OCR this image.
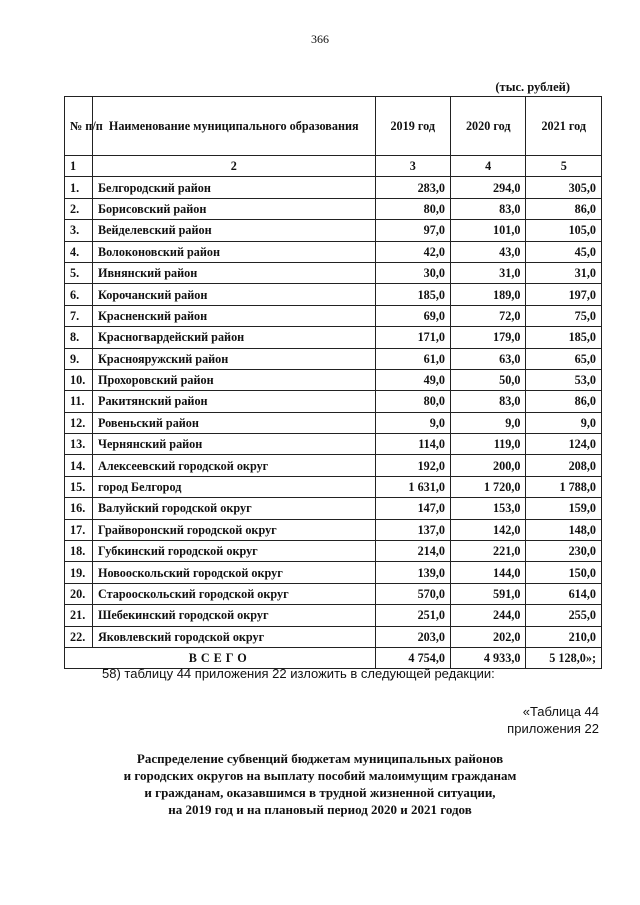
366
(тыс. рублей)
№ п/п	Наименование муниципального образования	2019 год	2020 год	2021 год
1	2	3	4	5
1.	Белгородский район	283,0	294,0	305,0
2.	Борисовский район	80,0	83,0	86,0
3.	Вейделевский район	97,0	101,0	105,0
4.	Волоконовский район	42,0	43,0	45,0
5.	Ивнянский район	30,0	31,0	31,0
6.	Корочанский район	185,0	189,0	197,0
7.	Красненский район	69,0	72,0	75,0
8.	Красногвардейский район	171,0	179,0	185,0
9.	Краснояружский район	61,0	63,0	65,0
10.	Прохоровский район	49,0	50,0	53,0
11.	Ракитянский район	80,0	83,0	86,0
12.	Ровеньский район	9,0	9,0	9,0
13.	Чернянский район	114,0	119,0	124,0
14.	Алексеевский городской округ	192,0	200,0	208,0
15.	город Белгород	1 631,0	1 720,0	1 788,0
16.	Валуйский городской округ	147,0	153,0	159,0
17.	Грайворонский городской округ	137,0	142,0	148,0
18.	Губкинский городской округ	214,0	221,0	230,0
19.	Новооскольский городской округ	139,0	144,0	150,0
20.	Старооскольский городской округ	570,0	591,0	614,0
21.	Шебекинский городской округ	251,0	244,0	255,0
22.	Яковлевский городской округ	203,0	202,0	210,0
ВСЕГО		4 754,0	4 933,0	5 128,0»;
58) таблицу 44 приложения 22 изложить в следующей редакции:
«Таблица 44
приложения 22
Распределение субвенций бюджетам муниципальных районов
и городских округов на выплату пособий малоимущим гражданам
и гражданам, оказавшимся в трудной жизненной ситуации,
на 2019 год и на плановый период 2020 и 2021 годов
